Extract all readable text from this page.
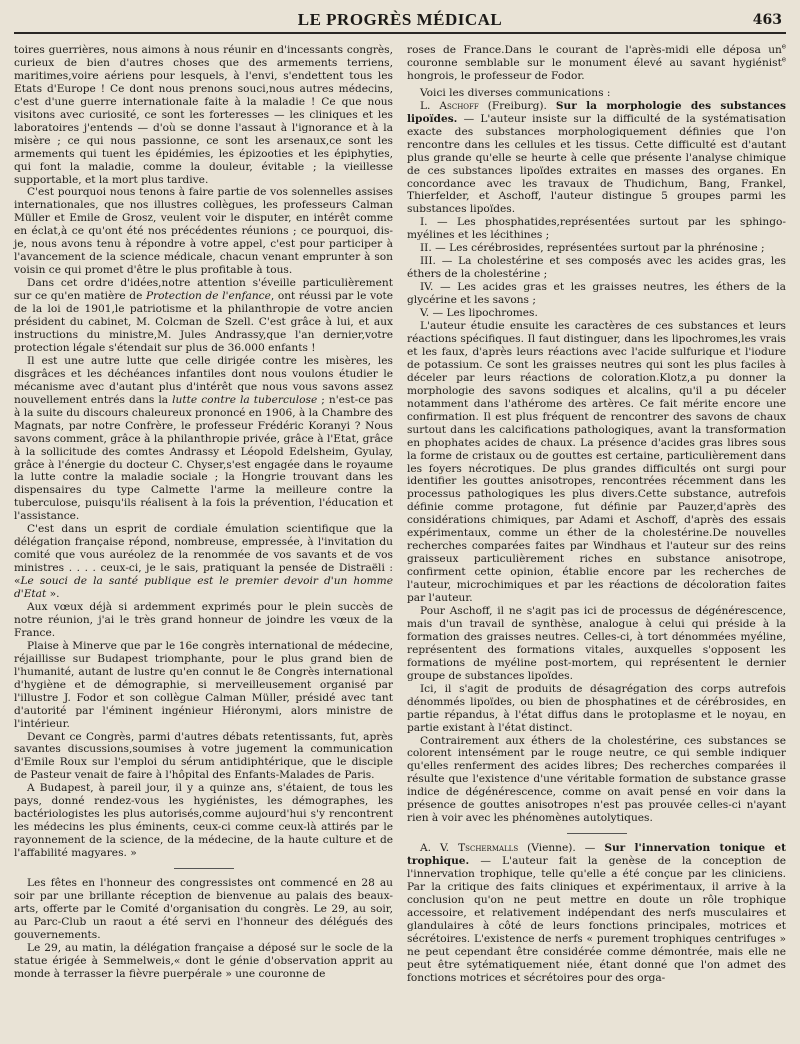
LE PROGRÈS MÉDICAL	463

toires guerrières, nous aimons à nous réunir en d'incessants congrès, curieux de bien d'autres choses que des armements terriens, maritimes,voire aériens pour lesquels, à l'envi, s'endettent tous les Etats d'Europe ! Ce dont nous prenons souci,nous autres médecins, c'est d'une guerre internationale faite à la maladie ! Ce que nous visitons avec curiosité, ce sont les forteresses — les cliniques et les laboratoires j'entends — d'où se donne l'assaut à l'ignorance et à la misère ; ce qui nous passionne, ce sont les arsenaux,ce sont les armements qui tuent les épidémies, les épizooties et les épiphyties, qui font la maladie, comme la douleur, évitable ; la vieillesse supportable, et la mort plus tardive.

C'est pourquoi nous tenons à faire partie de vos solennelles assises internationales, que nos illustres collègues, les professeurs Calman Müller et Emile de Grosz, veulent voir le disputer, en intérêt comme en éclat,à ce qu'ont été nos précédentes réunions ; ce pourquoi, dis-je, nous avons tenu à répondre à votre appel, c'est pour participer à l'avancement de la science médicale, chacun venant emprunter à son voisin ce qui promet d'être le plus profitable à tous.

Dans cet ordre d'idées,notre attention s'éveille particulièrement sur ce qu'en matière de Protection de l'enfance, ont réussi par le vote de la loi de 1901,le patriotisme et la philanthropie de votre ancien président du cabinet, M. Colcman de Szell. C'est grâce à lui, et aux instructions du ministre,M. Jules Andrassy,que l'an dernier,votre protection légale s'étendait sur plus de 36.000 enfants !

Il est une autre lutte que celle dirigée contre les misères, les disgrâces et les déchéances infantiles dont nous voulons étudier le mécanisme avec d'autant plus d'intérêt que nous vous savons assez nouvellement entrés dans la lutte contre la tuberculose ; n'est-ce pas à la suite du discours chaleureux prononcé en 1906, à la Chambre des Magnats, par notre Confrère, le professeur Frédéric Koranyi ? Nous savons comment, grâce à la philanthropie privée, grâce à l'Etat, grâce à la sollicitude des comtes Andrassy et Léopold Edelsheim, Gyulay, grâce à l'énergie du docteur C. Chyser,s'est engagée dans le royaume la lutte contre la maladie sociale ; la Hongrie trouvant dans les dispensaires du type Calmette l'arme la meilleure contre la tuberculose, puisqu'ils réalisent à la fois la prévention, l'éducation et l'assistance.

C'est dans un esprit de cordiale émulation scientifique que la délégation française répond, nombreuse, empressée, à l'invitation du comité que vous auréolez de la renommée de vos savants et de vos ministres . . . . ceux-ci, je le sais, pratiquant la pensée de Distraëli : «Le souci de la santé publique est le premier devoir d'un homme d'Etat ».

Aux vœux déjà si ardemment exprimés pour le plein succès de notre réunion, j'ai le très grand honneur de joindre les vœux de la France.

Plaise à Minerve que par le 16e congrès international de médecine, réjaillisse sur Budapest triomphante, pour le plus grand bien de l'humanité, autant de lustre qu'en connut le 8e Congrès international d'hygiène et de démographie, si merveilleusement organisé par l'illustre J. Fodor et son collègue Calman Müller, présidé avec tant d'autorité par l'éminent ingénieur Hiéronymi, alors ministre de l'intérieur.

Devant ce Congrès, parmi d'autres débats retentissants, fut, après savantes discussions,soumises à votre jugement la communication d'Emile Roux sur l'emploi du sérum antidiphtérique, que le disciple de Pasteur venait de faire à l'hôpital des Enfants-Malades de Paris.

A Budapest, à pareil jour, il y a quinze ans, s'étaient, de tous les pays, donné rendez-vous les hygiénistes, les démographes, les bactériologistes les plus autorisés,comme aujourd'hui s'y rencontrent les médecins les plus éminents, ceux-ci comme ceux-là attirés par le rayonnement de la science, de la médecine, de la haute culture et de l'affabilité magyares. »

Les fêtes en l'honneur des congressistes ont commencé en 28 au soir par une brillante réception de bienvenue au palais des beaux-arts, offerte par le Comité d'organisation du congrès. Le 29, au soir, au Parc-Club un raout a été servi en l'honneur des délégués des gouvernements.

Le 29, au matin, la délégation française a déposé sur le socle de la statue érigée à Semmelweis,« dont le génie d'observation apprit au monde à terrasser la fièvre puerpérale » une couronne de

roses de France.Dans le courant de l'après-midi elle déposa $un^e$ couronne semblable sur le monument élevé au savant hygiénist$^e$ hongrois, le professeur de Fodor.

Voici les diverses communications :

L. Aschoff (Freiburg). Sur la morphologie des substances lipoïdes. — L'auteur insiste sur la difficulté de la systématisation exacte des substances morphologiquement définies que l'on rencontre dans les cellules et les tissus. Cette difficulté est d'autant plus grande qu'elle se heurte à celle que présente l'analyse chimique de ces substances lipoïdes extraites en masses des organes. En concordance avec les travaux de Thudichum, Bang, Frankel, Thierfelder, et Aschoff, l'auteur distingue 5 groupes parmi les substances lipoïdes.

I. — Les phosphatides,représentées surtout par les sphingo-myélines et les lécithines ;

II. — Les cérébrosides, représentées surtout par la phrénosine ;

III. — La cholestérine et ses composés avec les acides gras, les éthers de la cholestérine ;

IV. — Les acides gras et les graisses neutres, les éthers de la glycérine et les savons ;

V. — Les lipochromes.

L'auteur étudie ensuite les caractères de ces substances et leurs réactions spécifiques. Il faut distinguer, dans les lipochromes,les vrais et les faux, d'après leurs réactions avec l'acide sulfurique et l'iodure de potassium. Ce sont les graisses neutres qui sont les plus faciles à déceler par leurs réactions de coloration.Klotz,a pu donner la morphologie des savons sodiques et alcalins, qu'il a pu déceler notamment dans l'athérome des artères. Ce fait mérite encore une confirmation. Il est plus fréquent de rencontrer des savons de chaux surtout dans les calcifications pathologiques, avant la transformation en phophates acides de chaux. La présence d'acides gras libres sous la forme de cristaux ou de gouttes est certaine, particulièrement dans les foyers nécrotiques. De plus grandes difficultés ont surgi pour identifier les gouttes anisotropes, rencontrées récemment dans les processus pathologiques les plus divers.Cette substance, autrefois définie comme protagone, fut définie par Pauzer,d'après des considérations chimiques, par Adami et Aschoff, d'après des essais expérimentaux, comme un éther de la cholestérine.De nouvelles recherches comparées faites par Windhaus et l'auteur sur des reins graisseux particulièrement riches en substance anisotrope, confirment cette opinion, établie encore par les recherches de l'auteur, microchimiques et par les réactions de décoloration faites par l'auteur.

Pour Aschoff, il ne s'agit pas ici de processus de dégénérescence, mais d'un travail de synthèse, analogue à celui qui préside à la formation des graisses neutres. Celles-ci, à tort dénommées myéline, représentent des formations vitales, auxquelles s'opposent les formations de myéline post-mortem, qui représentent le dernier groupe de substances lipoïdes.

Ici, il s'agit de produits de désagrégation des corps autrefois dénommés lipoïdes, ou bien de phosphatines et de cérébrosides, en partie répandus, à l'état diffus dans le protoplasme et le noyau, en partie existant à l'état distinct.

Contrairement aux éthers de la cholestérine, ces substances se colorent intensément par le rouge neutre, ce qui semble indiquer qu'elles renferment des acides libres; Des recherches comparées il résulte que l'existence d'une véritable formation de substance grasse indice de dégénérescence, comme on avait pensé en voir dans la présence de gouttes anisotropes n'est pas prouvée celles-ci n'ayant rien à voir avec les phénomènes autolytiques.

A. V. Tschermalls (Vienne). — Sur l'innervation tonique et trophique. — L'auteur fait la genèse de la conception de l'innervation trophique, telle qu'elle a été conçue par les cliniciens. Par la critique des faits cliniques et expérimentaux, il arrive à la conclusion qu'on ne peut mettre en doute un rôle trophique accessoire, et relativement indépendant des nerfs musculaires et glandulaires à côté de leurs fonctions principales, motrices et sécrétoires. L'existence de nerfs « purement trophiques centrifuges » ne peut cependant être considérée comme démontrée, mais elle ne peut être sytématiquement niée, étant donné que l'on admet des fonctions motrices et sécrétoires pour des orga-
